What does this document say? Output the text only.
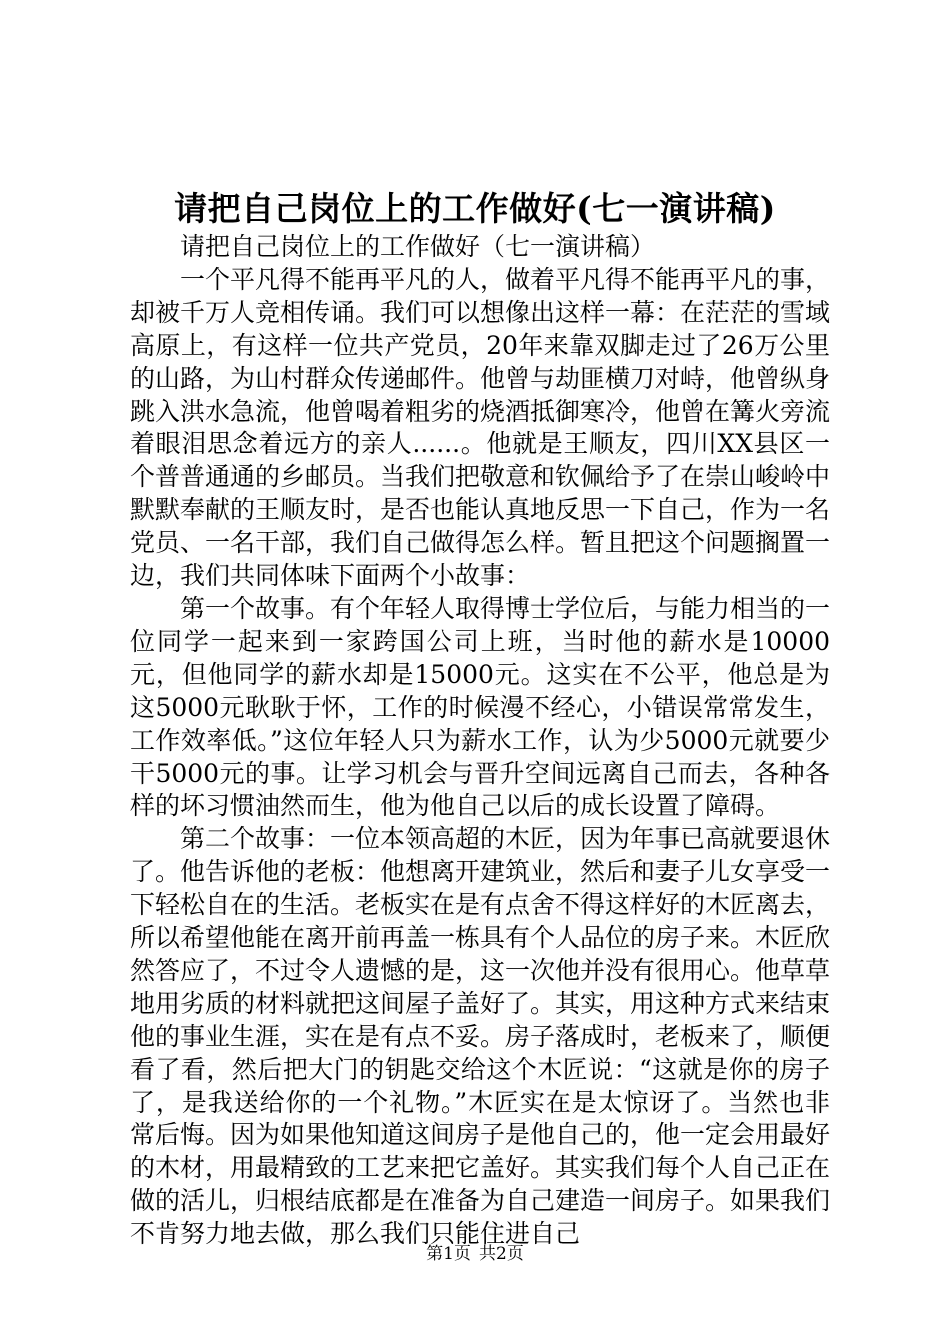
请把自己岗位上的工作做好(七一演讲稿)

请把自己岗位上的工作做好（七一演讲稿）

一个平凡得不能再平凡的人，做着平凡得不能再平凡的事，却被千万人竞相传诵。我们可以想像出这样一幕：在茫茫的雪域高原上，有这样一位共产党员，20年来靠双脚走过了26万公里的山路，为山村群众传递邮件。他曾与劫匪横刀对峙，他曾纵身跳入洪水急流，他曾喝着粗劣的烧酒抵御寒冷，他曾在篝火旁流着眼泪思念着远方的亲人......。他就是王顺友，四川XX县区一个普普通通的乡邮员。当我们把敬意和钦佩给予了在崇山峻岭中默默奉献的王顺友时，是否也能认真地反思一下自己，作为一名党员、一名干部，我们自己做得怎么样。暂且把这个问题搁置一边，我们共同体味下面两个小故事：

第一个故事。有个年轻人取得博士学位后，与能力相当的一位同学一起来到一家跨国公司上班，当时他的薪水是10000元，但他同学的薪水却是15000元。这实在不公平，他总是为这5000元耿耿于怀，工作的时候漫不经心，小错误常常发生，工作效率低。”这位年轻人只为薪水工作，认为少5000元就要少干5000元的事。让学习机会与晋升空间远离自己而去，各种各样的坏习惯油然而生，他为他自己以后的成长设置了障碍。

第二个故事：一位本领高超的木匠，因为年事已高就要退休了。他告诉他的老板：他想离开建筑业，然后和妻子儿女享受一下轻松自在的生活。老板实在是有点舍不得这样好的木匠离去，所以希望他能在离开前再盖一栋具有个人品位的房子来。木匠欣然答应了，不过令人遗憾的是，这一次他并没有很用心。他草草地用劣质的材料就把这间屋子盖好了。其实，用这种方式来结束他的事业生涯，实在是有点不妥。房子落成时，老板来了，顺便看了看，然后把大门的钥匙交给这个木匠说：“这就是你的房子了，是我送给你的一个礼物。”木匠实在是太惊讶了。当然也非常后悔。因为如果他知道这间房子是他自己的，他一定会用最好的木材，用最精致的工艺来把它盖好。其实我们每个人自己正在做的活儿，归根结底都是在准备为自己建造一间房子。如果我们不肯努力地去做，那么我们只能住进自己

第1页 共2页
